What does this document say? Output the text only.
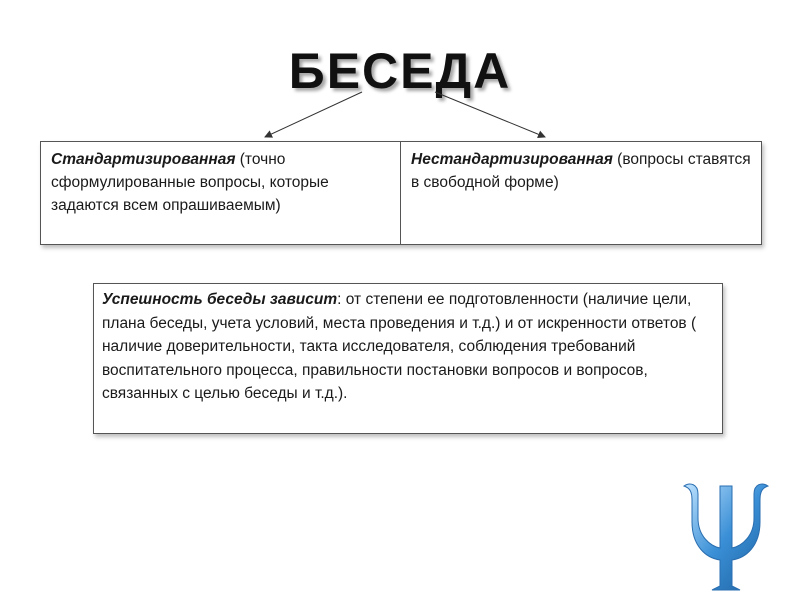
БЕСЕДА
Стандартизированная (точно сформулированные вопросы, которые задаются всем опрашиваемым)
Нестандартизированная (вопросы ставятся в свободной форме)
Успешность беседы зависит: от степени ее подготовленности (наличие цели, плана беседы, учета условий, места проведения и т.д.) и от искренности ответов ( наличие доверительности, такта исследователя, соблюдения требований воспитательного процесса, правильности постановки вопросов и вопросов, связанных с целью беседы и т.д.).
